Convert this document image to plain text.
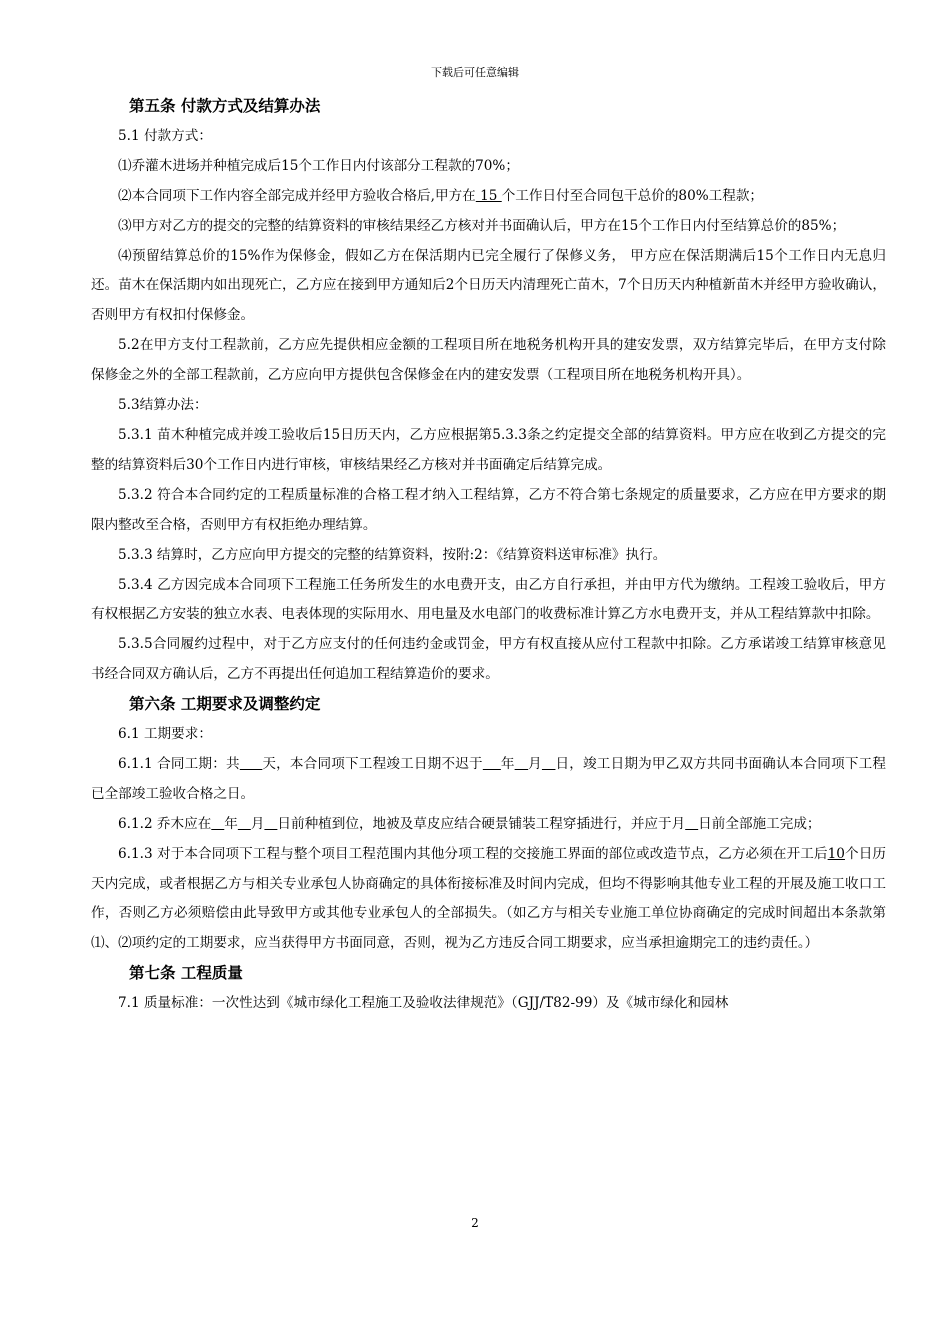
下载后可任意编辑
第五条 付款方式及结算办法

5.1 付款方式：

⑴乔灌木进场并种植完成后15个工作日内付该部分工程款的70%；

⑵本合同项下工作内容全部完成并经甲方验收合格后,甲方在 15 个工作日付至合同包干总价的80%工程款；

⑶甲方对乙方的提交的完整的结算资料的审核结果经乙方核对并书面确认后，甲方在15个工作日内付至结算总价的85%；

⑷预留结算总价的15%作为保修金，假如乙方在保活期内已完全履行了保修义务， 甲方应在保活期满后15个工作日内无息归还。苗木在保活期内如出现死亡，乙方应在接到甲方通知后2个日历天内清理死亡苗木，7个日历天内种植新苗木并经甲方验收确认，否则甲方有权扣付保修金。

5.2在甲方支付工程款前，乙方应先提供相应金额的工程项目所在地税务机构开具的建安发票，双方结算完毕后，在甲方支付除保修金之外的全部工程款前，乙方应向甲方提供包含保修金在内的建安发票（工程项目所在地税务机构开具）。

5.3结算办法：

5.3.1 苗木种植完成并竣工验收后15日历天内，乙方应根据第5.3.3条之约定提交全部的结算资料。甲方应在收到乙方提交的完整的结算资料后30个工作日内进行审核，审核结果经乙方核对并书面确定后结算完成。

5.3.2 符合本合同约定的工程质量标准的合格工程才纳入工程结算，乙方不符合第七条规定的质量要求，乙方应在甲方要求的期限内整改至合格，否则甲方有权拒绝办理结算。

5.3.3 结算时，乙方应向甲方提交的完整的结算资料，按附:2：《结算资料送审标准》执行。

5.3.4 乙方因完成本合同项下工程施工任务所发生的水电费开支，由乙方自行承担，并由甲方代为缴纳。工程竣工验收后，甲方有权根据乙方安装的独立水表、电表体现的实际用水、用电量及水电部门的收费标准计算乙方水电费开支，并从工程结算款中扣除。

5.3.5合同履约过程中，对于乙方应支付的任何违约金或罚金，甲方有权直接从应付工程款中扣除。乙方承诺竣工结算审核意见书经合同双方确认后，乙方不再提出任何追加工程结算造价的要求。

第六条 工期要求及调整约定

6.1 工期要求：

6.1.1 合同工期：共 天，本合同项下工程竣工日期不迟于 年 月 日，竣工日期为甲乙双方共同书面确认本合同项下工程已全部竣工验收合格之日。

6.1.2 乔木应在 年 月 日前种植到位，地被及草皮应结合硬景铺装工程穿插进行，并应于月 日前全部施工完成；

6.1.3 对于本合同项下工程与整个项目工程范围内其他分项工程的交接施工界面的部位或改造节点，乙方必须在开工后10个日历天内完成，或者根据乙方与相关专业承包人协商确定的具体衔接标准及时间内完成，但均不得影响其他专业工程的开展及施工收口工作，否则乙方必须赔偿由此导致甲方或其他专业承包人的全部损失。（如乙方与相关专业施工单位协商确定的完成时间超出本条款第⑴、⑵项约定的工期要求，应当获得甲方书面同意，否则，视为乙方违反合同工期要求，应当承担逾期完工的违约责任。）

第七条 工程质量

7.1 质量标准：一次性达到《城市绿化工程施工及验收法律规范》（GJJ/T82-99）及《城市绿化和园林

2
